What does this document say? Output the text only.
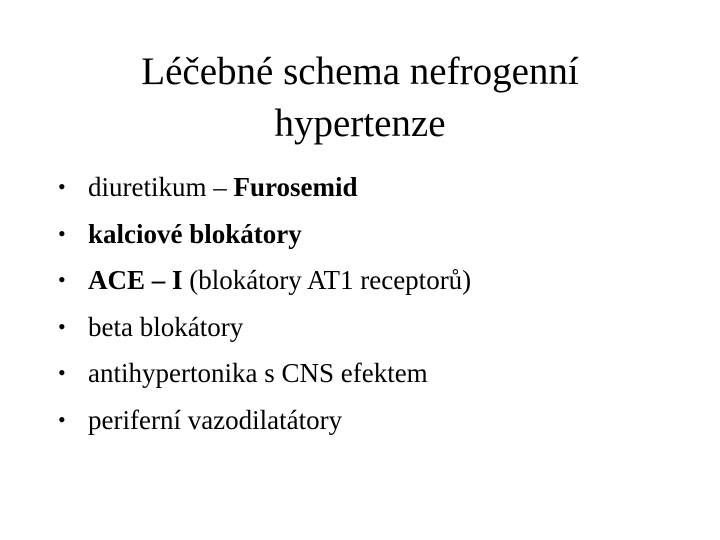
Léčebné schema nefrogenní
hypertenze
• diuretikum – Furosemid
• kalciové blokátory
• ACE – I (blokátory AT1 receptorů)
• beta blokátory
• antihypertonika s CNS efektem
• periferní vazodilatátory
